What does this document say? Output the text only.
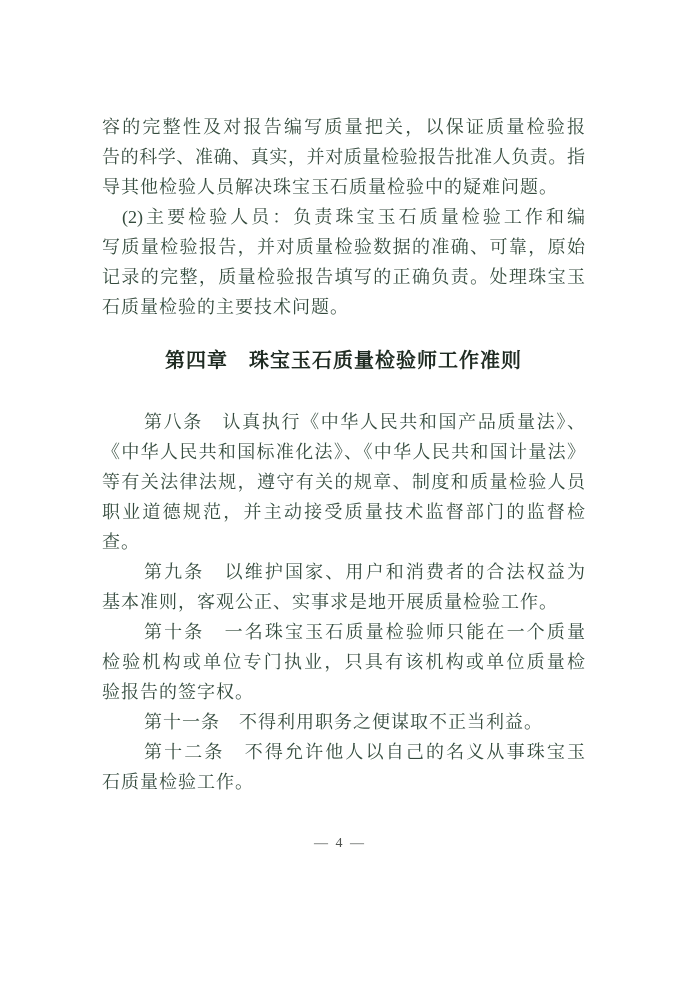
容的完整性及对报告编写质量把关，以保证质量检验报
告的科学、准确、真实，并对质量检验报告批准人负责。指
导其他检验人员解决珠宝玉石质量检验中的疑难问题。
(2)主要检验人员：负责珠宝玉石质量检验工作和编
写质量检验报告，并对质量检验数据的准确、可靠，原始
记录的完整，质量检验报告填写的正确负责。处理珠宝玉
石质量检验的主要技术问题。
第四章　珠宝玉石质量检验师工作准则
第八条　认真执行《中华人民共和国产品质量法》、
《中华人民共和国标准化法》、《中华人民共和国计量法》
等有关法律法规，遵守有关的规章、制度和质量检验人员
职业道德规范，并主动接受质量技术监督部门的监督检
查。
第九条　以维护国家、用户和消费者的合法权益为
基本准则，客观公正、实事求是地开展质量检验工作。
第十条　一名珠宝玉石质量检验师只能在一个质量
检验机构或单位专门执业，只具有该机构或单位质量检
验报告的签字权。
第十一条　不得利用职务之便谋取不正当利益。
第十二条　不得允许他人以自己的名义从事珠宝玉
石质量检验工作。
— 4 —
